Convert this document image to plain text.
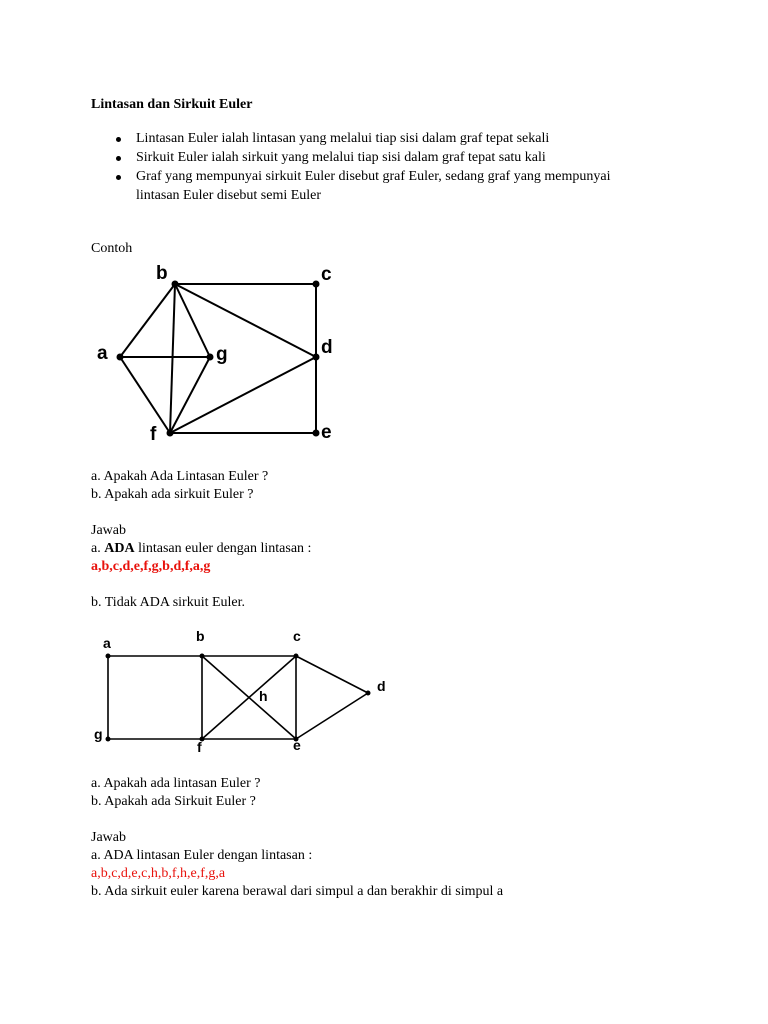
Lintasan dan Sirkuit Euler
Lintasan Euler ialah lintasan yang melalui tiap sisi dalam graf tepat sekali
Sirkuit Euler ialah sirkuit yang melalui tiap sisi dalam graf tepat satu kali
Graf yang mempunyai sirkuit Euler disebut graf Euler, sedang graf yang mempunyai
lintasan Euler disebut semi Euler
Contoh
a
b	c
d
e
f
g
a. Apakah Ada Lintasan Euler ?
b. Apakah ada sirkuit Euler ?
Jawab
a. ADA lintasan euler dengan lintasan :
a,b,c,d,e,f,g,b,d,f,a,g
b. Tidak ADA sirkuit Euler.
a	b	c
d
e
f
g
h
a. Apakah ada lintasan Euler ?
b. Apakah ada Sirkuit Euler ?
Jawab
a. ADA lintasan Euler dengan lintasan :
a,b,c,d,e,c,h,b,f,h,e,f,g,a
b. Ada sirkuit euler karena berawal dari simpul a dan berakhir di simpul a
